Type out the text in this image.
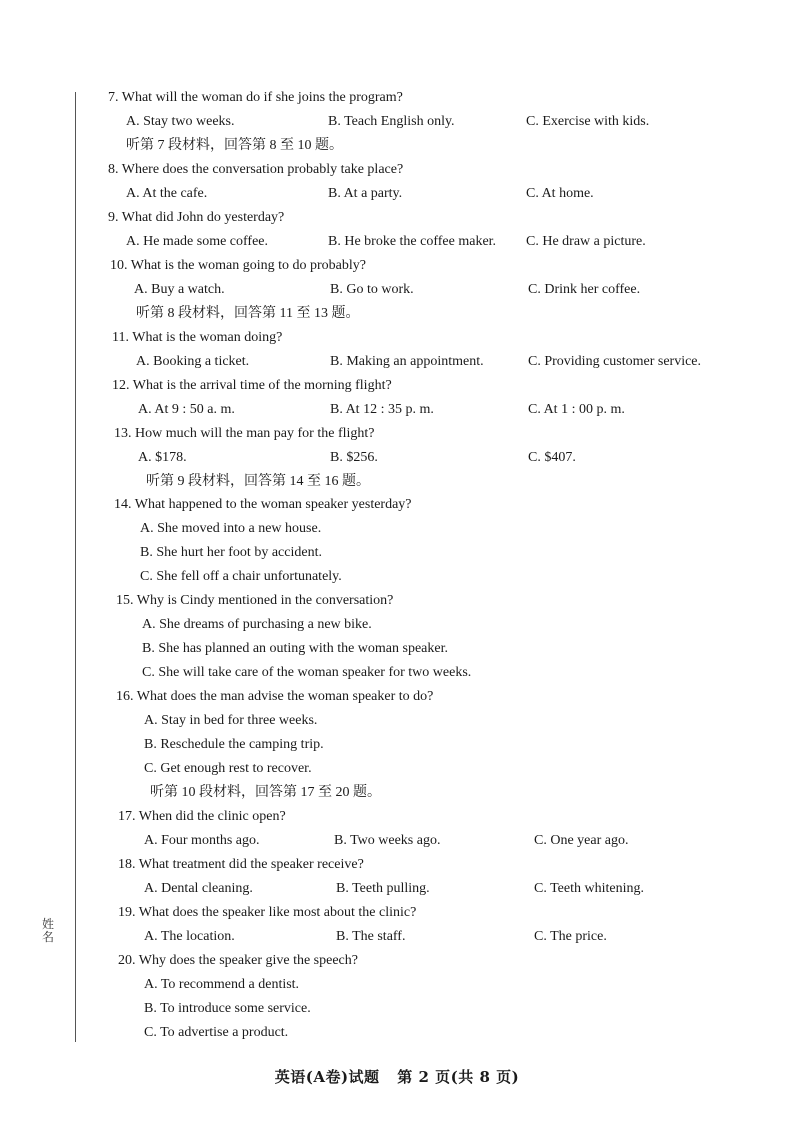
姓名
7. What will the woman do if she joins the program?
A. Stay two weeks.	B. Teach English only.	C. Exercise with kids.
听第 7 段材料，回答第 8 至 10 题。
8. Where does the conversation probably take place?
A. At the cafe.	B. At a party.	C. At home.
9. What did John do yesterday?
A. He made some coffee.	B. He broke the coffee maker. C. He draw a picture.
10. What is the woman going to do probably?
A. Buy a watch.	B. Go to work.	C. Drink her coffee.
听第 8 段材料，回答第 11 至 13 题。
11. What is the woman doing?
A. Booking a ticket.	B. Making an appointment.	C. Providing customer service.
12. What is the arrival time of the morning flight?
A. At 9 : 50 a. m.	B. At 12 : 35 p. m.	C. At 1 : 00 p. m.
13. How much will the man pay for the flight?
A. $178.	B. $256.	C. $407.
听第 9 段材料，回答第 14 至 16 题。
14. What happened to the woman speaker yesterday?
A. She moved into a new house.
B. She hurt her foot by accident.
C. She fell off a chair unfortunately.
15. Why is Cindy mentioned in the conversation?
A. She dreams of purchasing a new bike.
B. She has planned an outing with the woman speaker.
C. She will take care of the woman speaker for two weeks.
16. What does the man advise the woman speaker to do?
A. Stay in bed for three weeks.
B. Reschedule the camping trip.
C. Get enough rest to recover.
听第 10 段材料，回答第 17 至 20 题。
17. When did the clinic open?
A. Four months ago.	B. Two weeks ago.	C. One year ago.
18. What treatment did the speaker receive?
A. Dental cleaning.	B. Teeth pulling.	C. Teeth whitening.
19. What does the speaker like most about the clinic?
A. The location.	B. The staff.	C. The price.
20. Why does the speaker give the speech?
A. To recommend a dentist.
B. To introduce some service.
C. To advertise a product.
英语(A卷)试题 第 2 页(共 8 页)
